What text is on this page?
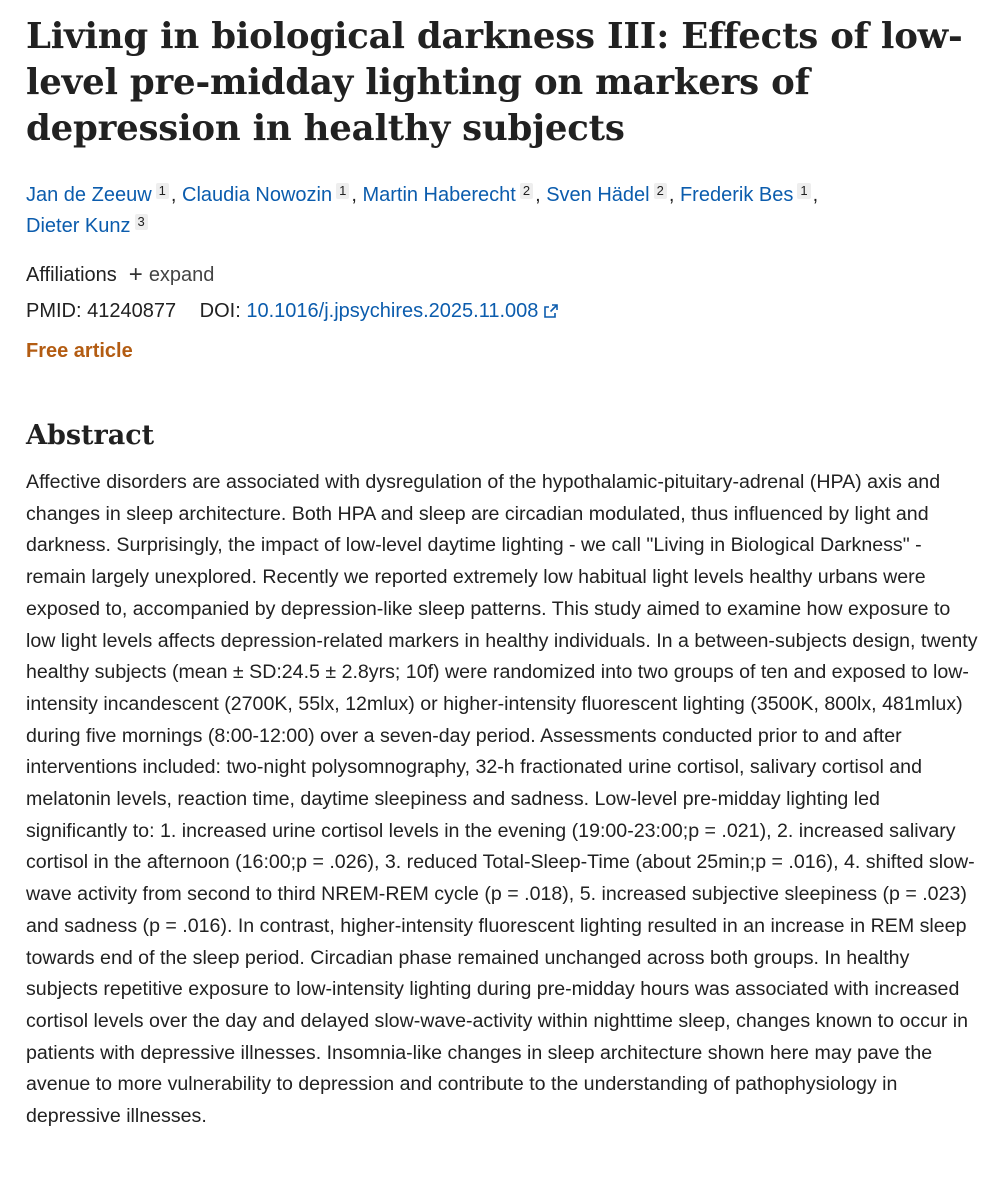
Living in biological darkness III: Effects of low-level pre-midday lighting on markers of depression in healthy subjects
Jan de Zeeuw 1 , Claudia Nowozin 1 , Martin Haberecht 2 , Sven Hädel 2 , Frederik Bes 1 ,
Dieter Kunz 3
Affiliations + expand
PMID: 41240877 DOI: 10.1016/j.jpsychires.2025.11.008
Free article
Abstract

Affective disorders are associated with dysregulation of the hypothalamic-pituitary-adrenal (HPA) axis and changes in sleep architecture. Both HPA and sleep are circadian modulated, thus influenced by light and darkness. Surprisingly, the impact of low-level daytime lighting - we call "Living in Biological Darkness" - remain largely unexplored. Recently we reported extremely low habitual light levels healthy urbans were exposed to, accompanied by depression-like sleep patterns. This study aimed to examine how exposure to low light levels affects depression-related markers in healthy individuals. In a between-subjects design, twenty healthy subjects (mean ± SD:24.5 ± 2.8yrs; 10f) were randomized into two groups of ten and exposed to low-intensity incandescent (2700K, 55lx, 12mlux) or higher-intensity fluorescent lighting (3500K, 800lx, 481mlux) during five mornings (8:00-12:00) over a seven-day period. Assessments conducted prior to and after interventions included: two-night polysomnography, 32-h fractionated urine cortisol, salivary cortisol and melatonin levels, reaction time, daytime sleepiness and sadness. Low-level pre-midday lighting led significantly to: 1. increased urine cortisol levels in the evening (19:00-23:00;p = .021), 2. increased salivary cortisol in the afternoon (16:00;p = .026), 3. reduced Total-Sleep-Time (about 25min;p = .016), 4. shifted slow-wave activity from second to third NREM-REM cycle (p = .018), 5. increased subjective sleepiness (p = .023) and sadness (p = .016). In contrast, higher-intensity fluorescent lighting resulted in an increase in REM sleep towards end of the sleep period. Circadian phase remained unchanged across both groups. In healthy subjects repetitive exposure to low-intensity lighting during pre-midday hours was associated with increased cortisol levels over the day and delayed slow-wave-activity within nighttime sleep, changes known to occur in patients with depressive illnesses. Insomnia-like changes in sleep architecture shown here may pave the avenue to more vulnerability to depression and contribute to the understanding of pathophysiology in depressive illnesses.
